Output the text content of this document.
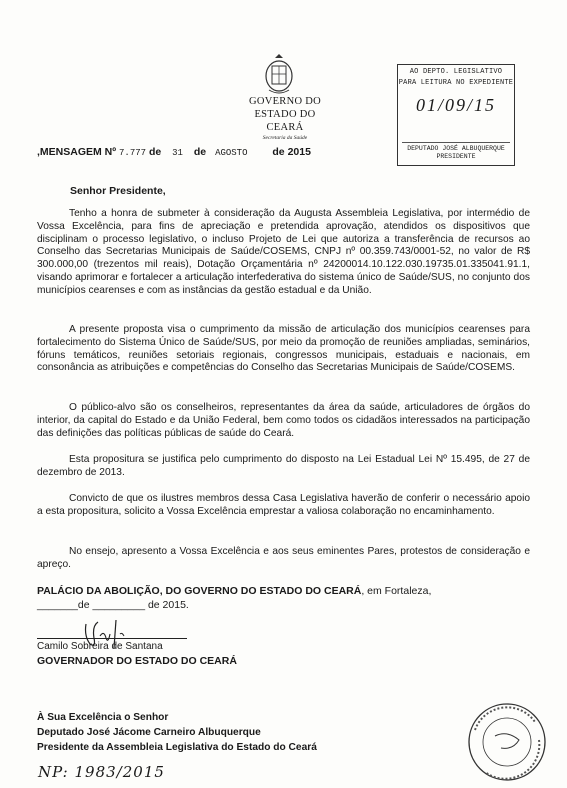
GOVERNO DO
ESTADO DO CEARÁ
Secretaria da Saúde
AO DEPTO. LEGISLATIVO
PARA LEITURA NO EXPEDIENTE
01/09/15
DEPUTADO JOSÉ ALBUQUERQUE
PRESIDENTE
,MENSAGEM Nº 7.777 de 31 de AGOSTO de 2015
Senhor Presidente,

Tenho a honra de submeter à consideração da Augusta Assembleia Legislativa, por intermédio de Vossa Excelência, para fins de apreciação e pretendida aprovação, atendidos os dispositivos que disciplinam o processo legislativo, o incluso Projeto de Lei que autoriza a transferência de recursos ao Conselho das Secretarias Municipais de Saúde/COSEMS, CNPJ nº 00.359.743/0001-52, no valor de R$ 300.000,00 (trezentos mil reais), Dotação Orçamentária nº 24200014.10.122.030.19735.01.335041.91.1, visando aprimorar e fortalecer a articulação interfederativa do sistema único de Saúde/SUS, no conjunto dos municípios cearenses e com as instâncias da gestão estadual e da União.

A presente proposta visa o cumprimento da missão de articulação dos municípios cearenses para fortalecimento do Sistema Único de Saúde/SUS, por meio da promoção de reuniões ampliadas, seminários, fóruns temáticos, reuniões setoriais regionais, congressos municipais, estaduais e nacionais, em consonância as atribuições e competências do Conselho das Secretarias Municipais de Saúde/COSEMS.

O público-alvo são os conselheiros, representantes da área da saúde, articuladores de órgãos do interior, da capital do Estado e da União Federal, bem como todos os cidadãos interessados na participação das definições das políticas públicas de saúde do Ceará.

Esta propositura se justifica pelo cumprimento do disposto na Lei Estadual Lei Nº 15.495, de 27 de dezembro de 2013.

Convicto de que os ilustres membros dessa Casa Legislativa haverão de conferir o necessário apoio a esta propositura, solicito a Vossa Excelência emprestar a valiosa colaboração no encaminhamento.

No ensejo, apresento a Vossa Excelência e aos seus eminentes Pares, protestos de consideração e apreço.

PALÁCIO DA ABOLIÇÃO, DO GOVERNO DO ESTADO DO CEARÁ, em Fortaleza,
_______de _________ de 2015.
Camilo Sobreira de Santana
GOVERNADOR DO ESTADO DO CEARÁ
À Sua Excelência o Senhor
Deputado José Jácome Carneiro Albuquerque
Presidente da Assembleia Legislativa do Estado do Ceará
NP: 1983/2015
